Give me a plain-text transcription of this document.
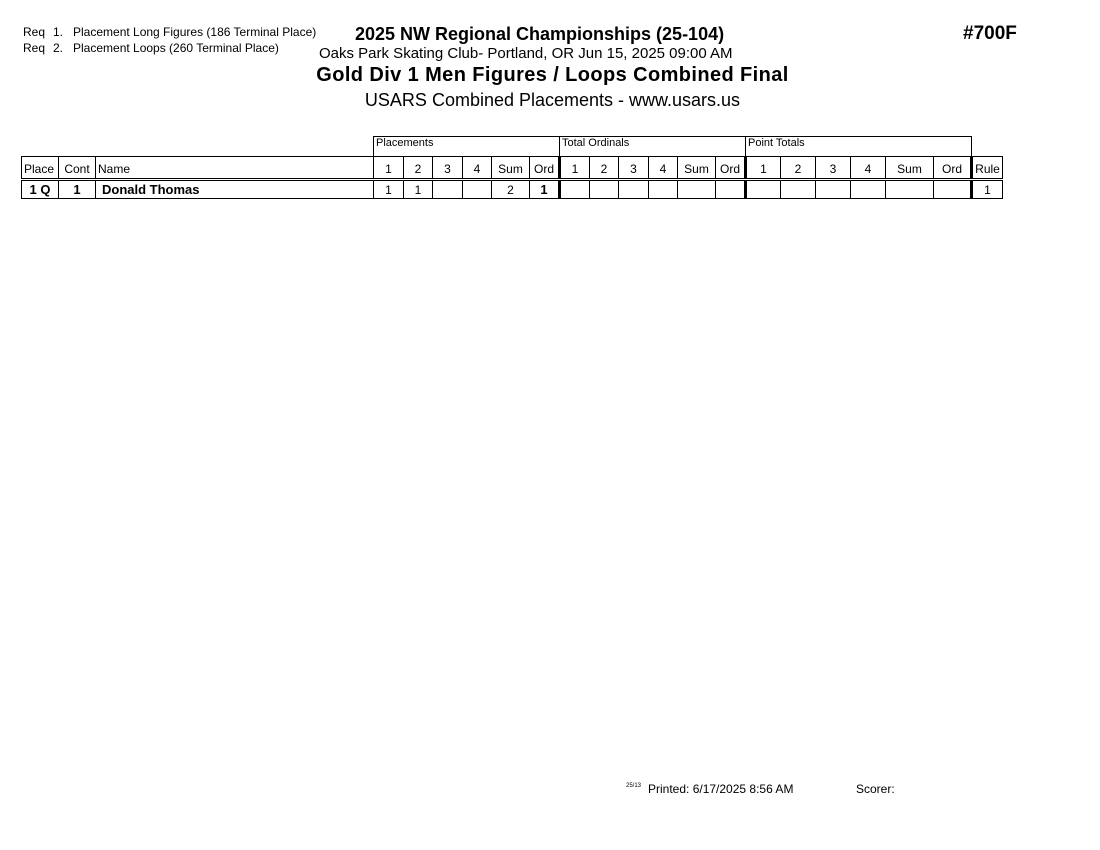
Req 1. Placement Long Figures (186 Terminal Place)
Req 2. Placement Loops (260 Terminal Place)
2025 NW Regional Championships (25-104)
Oaks Park Skating Club- Portland, OR Jun 15, 2025 09:00 AM
Gold Div 1 Men Figures / Loops Combined Final
USARS Combined Placements - www.usars.us
#700F
			Placements						Total Ordinals						Point Totals						
Place	Cont	Name	1	2	3	4	Sum	Ord	1	2	3	4	Sum	Ord	1	2	3	4	Sum	Ord	Rule
1 Q	1	Donald Thomas	1	1			2	1													1
25/13 Printed: 6/17/2025 8:56 AM	Scorer:
